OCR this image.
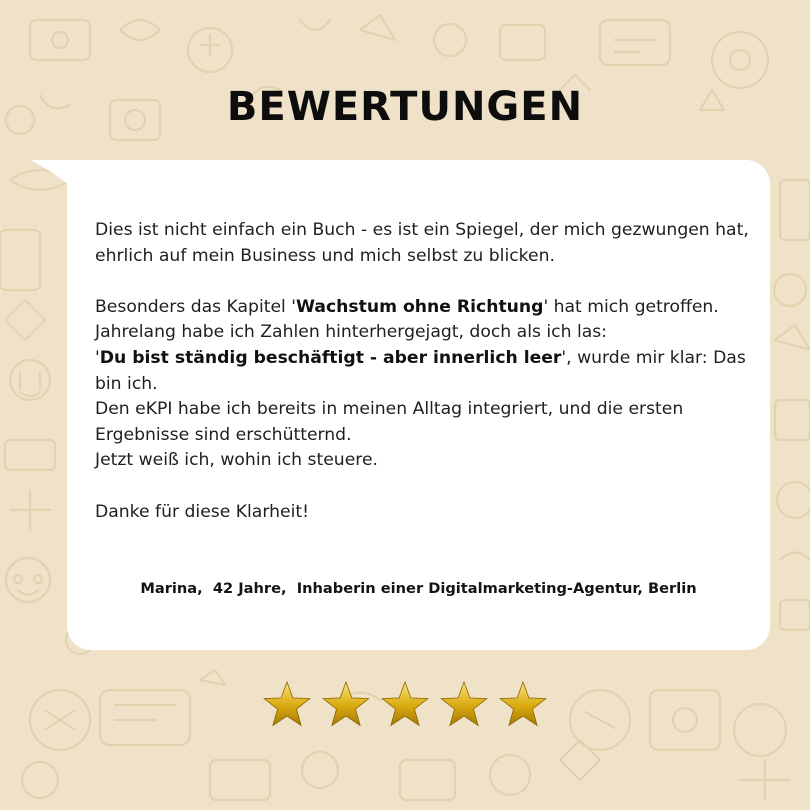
BEWERTUNGEN

Dies ist nicht einfach ein Buch - es ist ein Spiegel, der mich gezwungen hat, ehrlich auf mein Business und mich selbst zu blicken.

Besonders das Kapitel 'Wachstum ohne Richtung' hat mich getroffen.

Jahrelang habe ich Zahlen hinterhergejagt, doch als ich las:

'Du bist ständig beschäftigt - aber innerlich leer', wurde mir klar: Das bin ich.

Den eKPI habe ich bereits in meinen Alltag integriert, und die ersten Ergebnisse sind erschütternd.

Jetzt weiß ich, wohin ich steuere.

Danke für diese Klarheit!

Marina,  42 Jahre,  Inhaberin einer Digitalmarketing-Agentur, Berlin
